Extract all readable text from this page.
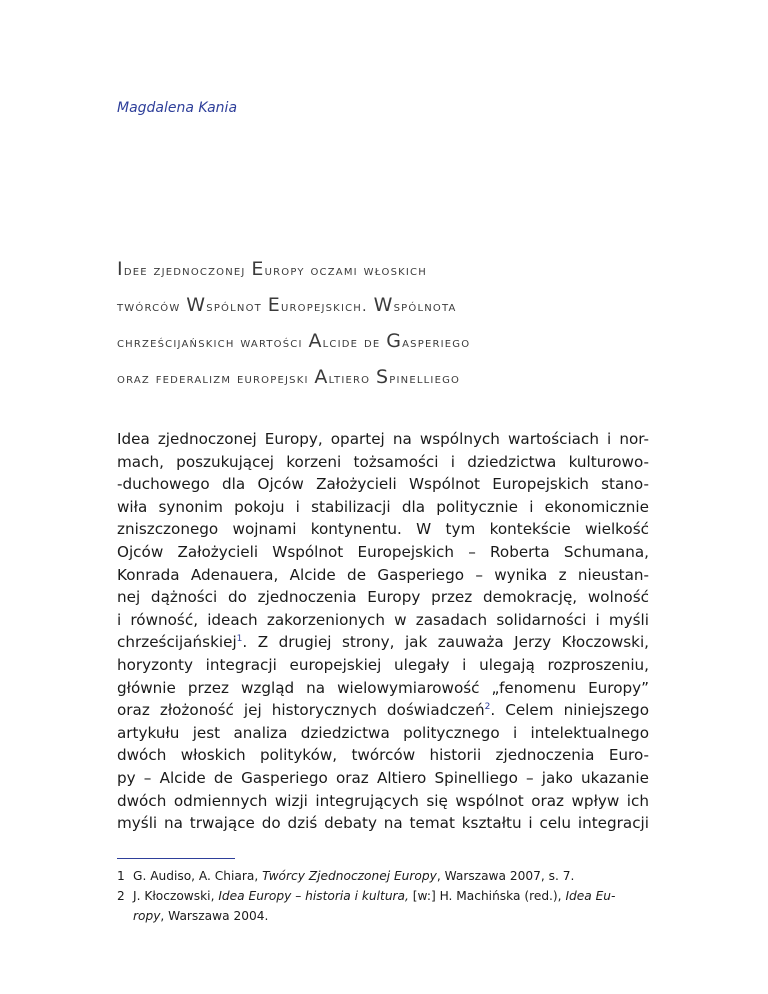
Magdalena Kania
Idee zjednoczonej Europy oczami włoskich
twórców Wspólnot Europejskich. Wspólnota
chrześcijańskich wartości Alcide de Gasperiego
oraz federalizm europejski Altiero Spinelliego
Idea zjednoczonej Europy, opartej na wspólnych wartościach i nor-
mach, poszukującej korzeni tożsamości i dziedzictwa kulturowo-
-duchowego dla Ojców Założycieli Wspólnot Europejskich stano-
wiła synonim pokoju i stabilizacji dla politycznie i ekonomicznie
zniszczonego wojnami kontynentu. W tym kontekście wielkość
Ojców Założycieli Wspólnot Europejskich – Roberta Schumana,
Konrada Adenauera, Alcide de Gasperiego – wynika z nieustan-
nej dążności do zjednoczenia Europy przez demokrację, wolność
i równość, ideach zakorzenionych w zasadach solidarności i myśli
chrześcijańskiej$^1$. Z drugiej strony, jak zauważa Jerzy Kłoczowski,
horyzonty integracji europejskiej ulegały i ulegają rozproszeniu,
głównie przez wzgląd na wielowymiarowość „fenomenu Europy”
oraz złożoność jej historycznych doświadczeń$^2$. Celem niniejszego
artykułu jest analiza dziedzictwa politycznego i intelektualnego
dwóch włoskich polityków, twórców historii zjednoczenia Euro-
py – Alcide de Gasperiego oraz Altiero Spinelliego – jako ukazanie
dwóch odmiennych wizji integrujących się wspólnot oraz wpływ ich
myśli na trwające do dziś debaty na temat kształtu i celu integracji
1 G. Audiso, A. Chiara, Twórcy Zjednoczonej Europy, Warszawa 2007, s. 7.
2 J. Kłoczowski, Idea Europy – historia i kultura, [w:] H. Machińska (red.), Idea Eu-
ropy, Warszawa 2004.
